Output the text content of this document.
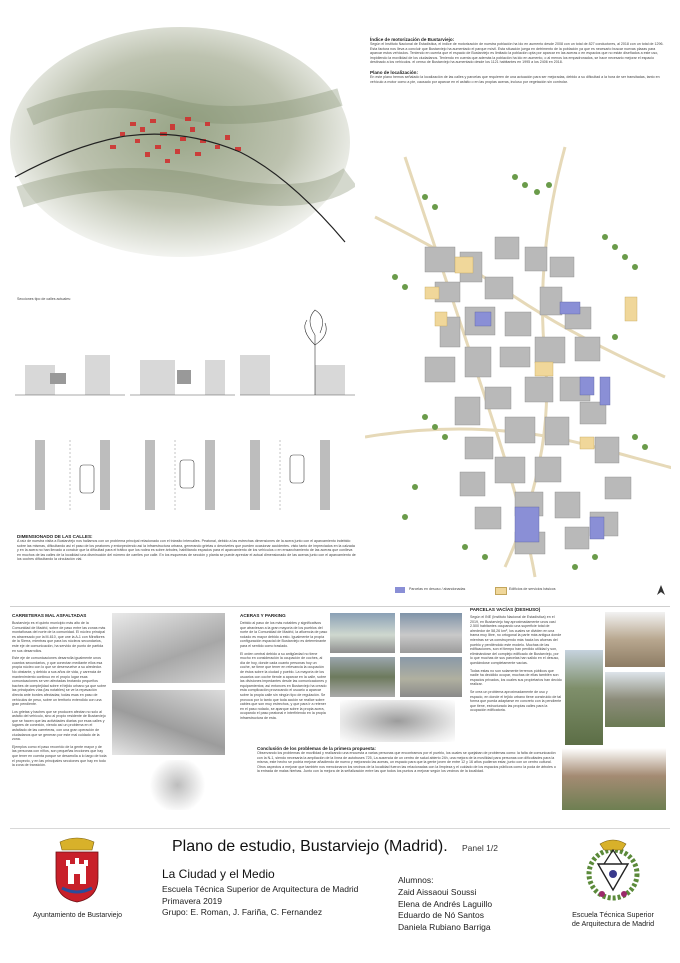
Índice de motorización de Bustarviejo:
Según el Instituto Nacional de Estadística, el índice de motorización de nuestra población ha ido en aumento desde 2008 con un total de 827 conductores, al 2018 con un total de 1296. Esta factura nos lleva a concluir que Bustarviejo ha aumentado el parque móvil. Esta situación juega en detrimento de la población ya que es necesario buscar nuevas plazas para aparcar estos vehículos. Teniendo en cuenta que el espacio de Bustarviejo es limitado la población opta por aparcar en las aceras o en espacios que no están diseñados a este uso, impidiendo la movilidad de los ciudadanos. Teniendo en cuenta que además la población ha ido en aumento, o al menos los empadronados, se hace necesario mejorar el espacio destinado a los vehículos. el censo de Bustarviejo ha aumentado desde los 1121 habitantes en 1995 a los 2406 en 2018.
Plano de localización:
En este plano hemos señalado la localización de las calles y parcelas que requieren de una actuación para ser mejoradas, debido a su dificultad a la hora de ser transitadas, tanto en vehículo a motor como a pie, causado por aparcar en el asfalto o en las propias aceras, incluso por vegetación sin controlar.
Secciones tipo de calles actuales:
DIMENSIONADO DE LAS CALLES:
A raíz de nuestra visita a Bustarviejo nos hallamos con un problema principal relacionado con el tránsito intercalles. Peatonal, debido a las estrechas dimensiones de la acera junto con el aparcamiento indebido sobre las mismas, dificultando así el paso de los peatones y entorpeciendo así la infraestructura urbana, generando grietas o desniveles que pueden ocasionar accidentes. visto tanto de impreciados en la calzada y en la acera no han llevado a concluir que la dificultad para el tráfico que los rodea es sobre árboles, habilitando espacios para el aparcamiento de los vehículos o en ensanchamiento de las aceras que conlleva en muchos de las calles de la localidad una disminución del número de carriles por calle. En los esquemas de sección y planta se puede apreciar el actual dimensionado de las aceras junto con el aparcamiento de los coches dificultando la circulación vial.
Parcelas en desuso / abandonadas	Edificios de servicios básicos
CARRETERAS MAL ASFALTADAS
Bustarviejo es el quinto municipio más alto de la Comunidad de Madrid, sobre de paso entre las zonas más montañosas del norte de la comunidad. El núcleo principal es atravesado por la M-610, que une la A-1 con Miraflores de la Sierra, mientras que para los núcleos secundarios, este eje de comunicación, ha servido de punto de partida en sus desarrollos.
Este eje de comunicaciones desarrolla igualmente unos cuantos secundarios, y que conectan mediante ellos esa propia núcleo con lo que se desenvuelve a su alrededor. No obstante, y debido a sus años de vida, y carencia de mantenimiento continuo en el propio lugar esas comunicaciones se ven afectadas brotando pequeños baches de complejidad sobre el tejido urbano ya que sobre las principales vías (las notables) se ve la repavación directa ante bordes afectadas; todas esas en paso de vehículos de peso, sobre un territorio extendido con una gran pendiente.
Los grietas y baches que se producen afectan no solo al asfalto del vehículo, sino al propio residente de Bustarviejo que se hacen que las actividades diarias por esas calles y lugares de conexión, viendo así un problema en el asfaltado de las carreteras, con una gran operación de ciudadanos que se generan por este mal cuidado de la zona.
Ejemplos como el paso recorrido de la gente mayor y de las personas con niños, son pequeñas lecciones que hay que tener en cuenta porque se desarrolla a lo largo de toda el proyecto, y en las principales secciones que hay en todo la zona de transición.
ACERAS Y PARKING
Debido al paso de los más notables y significativos que atraviesan a la gran mayoría de los pueblos del norte de la Comunidad de Madrid, la afluencia de paso rodado es mayor debido a esto. Igualmente la propia configuración espacial de Bustarviejo es determinante para el sentido como traslado.
El orden central debido a su antigüedad no tiene mucho en consideración la ocupación de coches, al día de hoy, donde cada cuanto personas hoy un coche, se tiene que tener en relevancia la ocupación de éstos sobre la ciudad y pueblo. La mayoría de los usuarios con coche tiende a aparcar en la calle, sobre las divisiones impedantes desde las comunicaciones y equipamientos; así entonces en Bustarviejo ha creado esta complicación provocando el usuario a aparcar sobre la propia calle sin ningún tipo de regulación. Se provoca por lo tanto que toda acción se realice sobre cables que son muy estrechos, y que para ir a retener en el paso rodado, se aparque sobre la propia acera, ocupando el paso peatonal e interfiriendo en la propia infraestructura de esta.
PARCELAS VACÍAS (DESHUSO)
Según el INE (Instituto Nacional de Estadística) en el 2019, en Bustarviejo hay aproximadamente unos casi 2.500 habitantes ocupando una superficie total de alrededor de 58,26 km², los cuales se dividen en una trama muy libre, no ortogonal la parte más antigua donde mientras se va construyendo más hacia los afueras del pueblo y perdiéndolo este modelo. Muchas de las edificaciones, son el tiempo han perdido utilidad y son, eliminándose del complejo edificado de Bustarviejo, por lo que muchas de sus parcelas han salido en el desuso, quedándose completamente vacías.
Todas estas no son solamente terrenos públicos que nadie ha decidido ocupar, muchas de ellas también son espacios privados, los cuales sus propietarios han decido realizar.
Se crea un problema aproximadamente de uso y espacio, en donde el tejido urbano tiene construido de tal forma que pueda adaptarse en concreto con la pendiente que tiene, estructurado las propias calles para la ocupación edificatoria.
Conclusión de los problemas de la primera propuesta:
Observando los problemas de movilidad y realizando una encuesta a varias personas que encontramos por el pueblo, los cuales se quejaban de problemas como: la falta de comunicación con la N-1, siendo necesaria la ampliación de la línea de autobuses 725, La ausencia de un centro de salud abierto 24h, una mejora de la movilidad para personas con dificultades para la misma, este hecho se podría mejorar añadiendo de nuevo y mejorando las aceras, un espacio para que la gente joven de entre 12 y 16 años pudieran estar, junto con un centro cultural. Otros aspectos a mejorar que también nos mencionaron los vecinos de la localidad fueron las relacionadas con la limpieza y el cuidado de los espacios públicos como la poda de árboles o la entrada de malas hierbas. Junto con la mejora de la señalización entre las que todos los puntos a mejorar según los vecinos de la localidad.
Ayuntamiento de Bustarviejo
Plano de estudio, Bustarviejo (Madrid).	Panel 1/2
La Ciudad y el Medio
Escuela Técnica Superior de Arquitectura de Madrid
Primavera 2019
Grupo: E. Roman, J. Fariña, C. Fernandez
Alumnos:
Zaid Aissaoui Soussi
Elena de Andrés Laguillo
Eduardo de Nó Santos
Daniela Rubiano Barriga
Escuela Técnica Superior
de Arquitectura de Madrid
